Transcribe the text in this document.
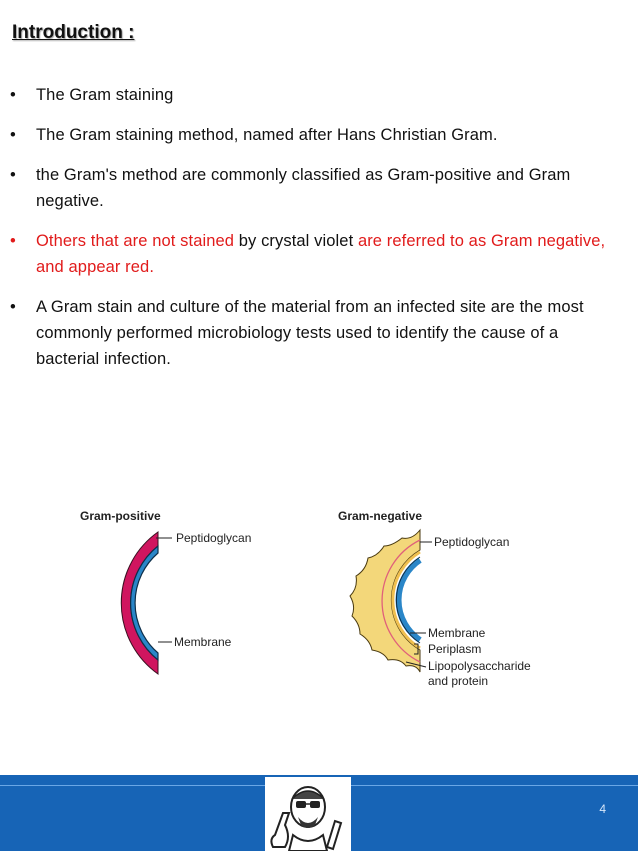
Introduction :
• The Gram staining
• The Gram staining method, named after Hans Christian Gram.
• the Gram's method are commonly classified as Gram-positive and Gram negative.
• Others that are not stained by crystal violet are referred to as Gram negative, and appear red.
• A Gram stain and culture of the material from an infected site are the most commonly performed microbiology tests used to identify the cause of a bacterial infection.
Gram-positive
Peptidoglycan
Membrane
Gram-negative
Peptidoglycan
Membrane
Periplasm
Lipopolysaccharide
and protein
4
